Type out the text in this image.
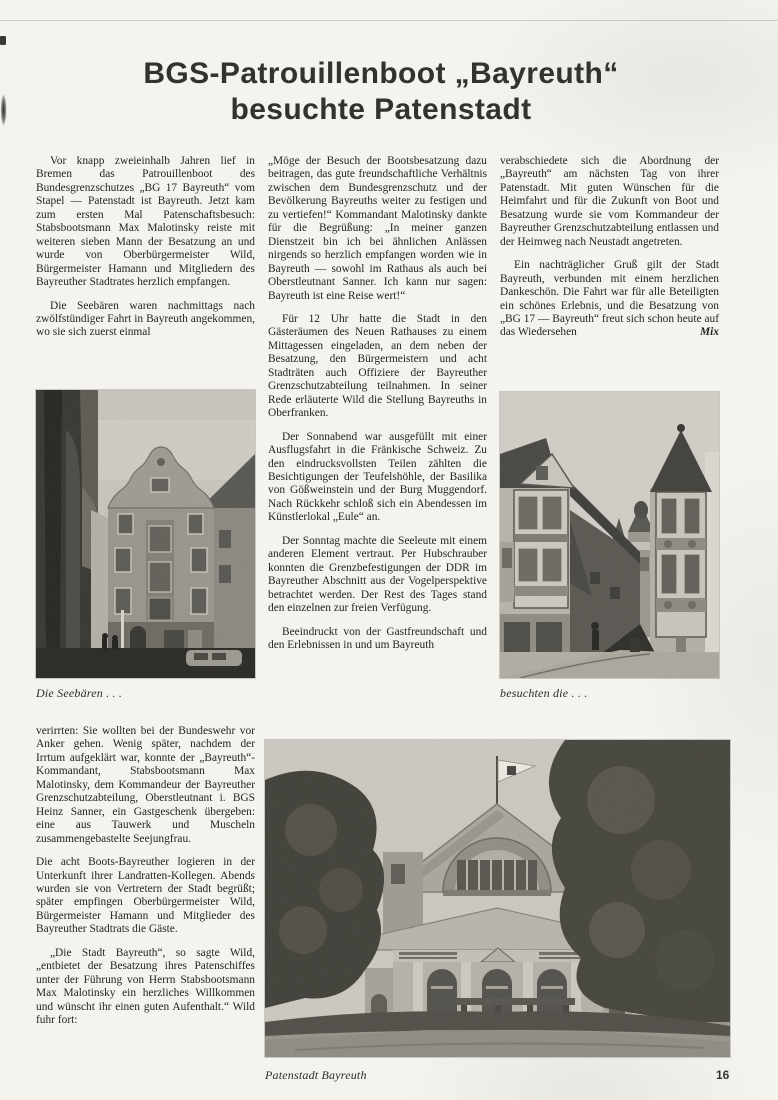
BGS-Patrouillenboot „Bayreuth“
besuchte Patenstadt

Vor knapp zweieinhalb Jahren lief in Bremen das Patrouillenboot des Bundesgrenzschutzes „BG 17 Bayreuth“ vom Stapel — Patenstadt ist Bayreuth. Jetzt kam zum ersten Mal Patenschaftsbesuch: Stabsbootsmann Max Malotinsky reiste mit weiteren sieben Mann der Besatzung an und wurde von Oberbürgermeister Wild, Bürgermeister Hamann und Mitgliedern des Bayreuther Stadtrates herzlich empfangen.

Die Seebären waren nachmittags nach zwölfstündiger Fahrt in Bayreuth angekommen, wo sie sich zuerst einmal

„Möge der Besuch der Bootsbesatzung dazu beitragen, das gute freundschaftliche Verhältnis zwischen dem Bundesgrenzschutz und der Bevölkerung Bayreuths weiter zu festigen und zu vertiefen!“ Kommandant Malotinsky dankte für die Begrüßung: „In meiner ganzen Dienstzeit bin ich bei ähnlichen Anlässen nirgends so herzlich empfangen worden wie in Bayreuth — sowohl im Rathaus als auch bei Oberstleutnant Sanner. Ich kann nur sagen: Bayreuth ist eine Reise wert!“

Für 12 Uhr hatte die Stadt in den Gästeräumen des Neuen Rathauses zu einem Mittagessen eingeladen, an dem neben der Besatzung, den Bürgermeistern und acht Stadträten auch Offiziere der Bayreuther Grenzschutzabteilung teilnahmen. In seiner Rede erläuterte Wild die Stellung Bayreuths in Oberfranken.

Der Sonnabend war ausgefüllt mit einer Ausflugsfahrt in die Fränkische Schweiz. Zu den eindrucksvollsten Teilen zählten die Besichtigungen der Teufelshöhle, der Basilika von Gößweinstein und der Burg Muggendorf. Nach Rückkehr schloß sich ein Abendessen im Künstlerlokal „Eule“ an.

Der Sonntag machte die Seeleute mit einem anderen Element vertraut. Per Hubschrauber konnten die Grenzbefestigungen der DDR im Bayreuther Abschnitt aus der Vogelperspektive betrachtet werden. Der Rest des Tages stand den einzelnen zur freien Verfügung.

Beeindruckt von der Gastfreundschaft und den Erlebnissen in und um Bayreuth

verabschiedete sich die Abordnung der „Bayreuth“ am nächsten Tag von ihrer Patenstadt. Mit guten Wünschen für die Heimfahrt und für die Zukunft von Boot und Besatzung wurde sie vom Kommandeur der Bayreuther Grenzschutzabteilung entlassen und der Heimweg nach Neustadt angetreten.

Ein nachträglicher Gruß gilt der Stadt Bayreuth, verbunden mit einem herzlichen Dankeschön. Die Fahrt war für alle Beteiligten ein schönes Erlebnis, und die Besatzung von „BG 17 — Bayreuth“ freut sich schon heute auf das Wiedersehen	Mix

Die Seebären . . .	besuchten die . . .

verirrten: Sie wollten bei der Bundeswehr vor Anker gehen. Wenig später, nachdem der Irrtum aufgeklärt war, konnte der „Bayreuth“-Kommandant, Stabsbootsmann Max Malotinsky, dem Kommandeur der Bayreuther Grenzschutzabteilung, Oberstleutnant i. BGS Heinz Sanner, ein Gastgeschenk übergeben: eine aus Tauwerk und Muscheln zusammengebastelte Seejungfrau.

Die acht Boots-Bayreuther logieren in der Unterkunft ihrer Landratten-Kollegen. Abends wurden sie von Vertretern der Stadt begrüßt; später empfingen Oberbürgermeister Wild, Bürgermeister Hamann und Mitglieder des Bayreuther Stadtrats die Gäste.

„Die Stadt Bayreuth“, so sagte Wild, „entbietet der Besatzung ihres Patenschiffes unter der Führung von Herrn Stabsbootsmann Max Malotinsky ein herzliches Willkommen und wünscht ihr einen guten Aufenthalt.“ Wild fuhr fort:

Patenstadt Bayreuth	16
